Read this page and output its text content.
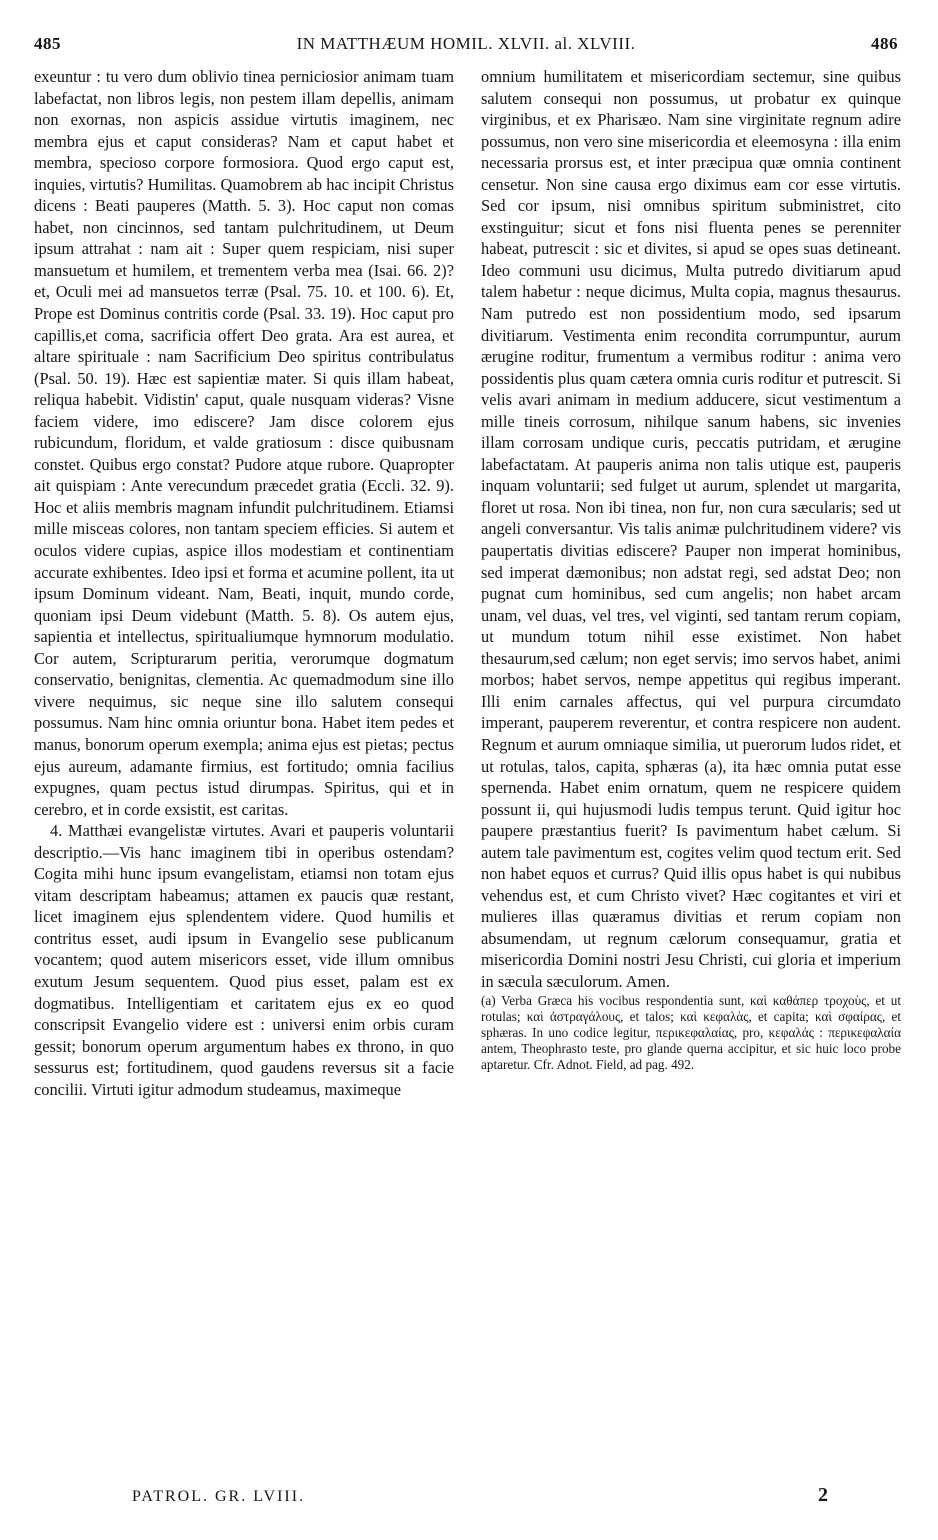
485	IN MATTHÆUM HOMIL. XLVII. al. XLVIII.	486

exeuntur : tu vero dum oblivio tinea perniciosior animam tuam labefactat, non libros legis, non pestem illam depellis, animam non exornas, non aspicis assidue virtutis imaginem, nec membra ejus et caput consideras? Nam et caput habet et membra, specioso corpore formosiora. Quod ergo caput est, inquies, virtutis? Humilitas. Quamobrem ab hac incipit Christus dicens : Beati pauperes (Matth. 5. 3). Hoc caput non comas habet, non cincinnos, sed tantam pulchritudinem, ut Deum ipsum attrahat : nam ait : Super quem respiciam, nisi super mansuetum et humilem, et trementem verba mea (Isai. 66. 2)? et, Oculi mei ad mansuetos terræ (Psal. 75. 10. et 100. 6). Et, Prope est Dominus contritis corde (Psal. 33. 19). Hoc caput pro capillis,et coma, sacrificia offert Deo grata. Ara est aurea, et altare spirituale : nam Sacrificium Deo spiritus contribulatus (Psal. 50. 19). Hæc est sapientiæ mater. Si quis illam habeat, reliqua habebit. Vidistin' caput, quale nusquam videras? Visne faciem videre, imo ediscere? Jam disce colorem ejus rubicundum, floridum, et valde gratiosum : disce quibusnam constet. Quibus ergo constat? Pudore atque rubore. Quapropter ait quispiam : Ante verecundum præcedet gratia (Eccli. 32. 9). Hoc et aliis membris magnam infundit pulchritudinem. Etiamsi mille misceas colores, non tantam speciem efficies. Si autem et oculos videre cupias, aspice illos modestiam et continentiam accurate exhibentes. Ideo ipsi et forma et acumine pollent, ita ut ipsum Dominum videant. Nam, Beati, inquit, mundo corde, quoniam ipsi Deum videbunt (Matth. 5. 8). Os autem ejus, sapientia et intellectus, spiritualiumque hymnorum modulatio. Cor autem, Scripturarum peritia, verorumque dogmatum conservatio, benignitas, clementia. Ac quemadmodum sine illo vivere nequimus, sic neque sine illo salutem consequi possumus. Nam hinc omnia oriuntur bona. Habet item pedes et manus, bonorum operum exempla; anima ejus est pietas; pectus ejus aureum, adamante firmius, est fortitudo; omnia facilius expugnes, quam pectus istud dirumpas. Spiritus, qui et in cerebro, et in corde exsistit, est caritas.

4. Matthæi evangelistæ virtutes. Avari et pauperis voluntarii descriptio.—Vis hanc imaginem tibi in operibus ostendam? Cogita mihi hunc ipsum evangelistam, etiamsi non totam ejus vitam descriptam habeamus; attamen ex paucis quæ restant, licet imaginem ejus splendentem videre. Quod humilis et contritus esset, audi ipsum in Evangelio sese publicanum vocantem; quod autem misericors esset, vide illum omnibus exutum Jesum sequentem. Quod pius esset, palam est ex dogmatibus. Intelligentiam et caritatem ejus ex eo quod conscripsit Evangelio videre est : universi enim orbis curam gessit; bonorum operum argumentum habes ex throno, in quo sessurus est; fortitudinem, quod gaudens reversus sit a facie concilii. Virtuti igitur admodum studeamus, maximeque

omnium humilitatem et misericordiam sectemur, sine quibus salutem consequi non possumus, ut probatur ex quinque virginibus, et ex Pharisæo. Nam sine virginitate regnum adire possumus, non vero sine misericordia et eleemosyna : illa enim necessaria prorsus est, et inter præcipua quæ omnia continent censetur. Non sine causa ergo diximus eam cor esse virtutis. Sed cor ipsum, nisi omnibus spiritum subministret, cito exstinguitur; sicut et fons nisi fluenta penes se perenniter habeat, putrescit : sic et divites, si apud se opes suas detineant. Ideo communi usu dicimus, Multa putredo divitiarum apud talem habetur : neque dicimus, Multa copia, magnus thesaurus. Nam putredo est non possidentium modo, sed ipsarum divitiarum. Vestimenta enim recondita corrumpuntur, aurum ærugine roditur, frumentum a vermibus roditur : anima vero possidentis plus quam cætera omnia curis roditur et putrescit. Si velis avari animam in medium adducere, sicut vestimentum a mille tineis corrosum, nihilque sanum habens, sic invenies illam corrosam undique curis, peccatis putridam, et ærugine labefactatam. At pauperis anima non talis utique est, pauperis inquam voluntarii; sed fulget ut aurum, splendet ut margarita, floret ut rosa. Non ibi tinea, non fur, non cura sæcularis; sed ut angeli conversantur. Vis talis animæ pulchritudinem videre? vis paupertatis divitias ediscere? Pauper non imperat hominibus, sed imperat dæmonibus; non adstat regi, sed adstat Deo; non pugnat cum hominibus, sed cum angelis; non habet arcam unam, vel duas, vel tres, vel viginti, sed tantam rerum copiam, ut mundum totum nihil esse existimet. Non habet thesaurum,sed cælum; non eget servis; imo servos habet, animi morbos; habet servos, nempe appetitus qui regibus imperant. Illi enim carnales affectus, qui vel purpura circumdato imperant, pauperem reverentur, et contra respicere non audent. Regnum et aurum omniaque similia, ut puerorum ludos ridet, et ut rotulas, talos, capita, sphæras (a), ita hæc omnia putat esse spernenda. Habet enim ornatum, quem ne respicere quidem possunt ii, qui hujusmodi ludis tempus terunt. Quid igitur hoc paupere præstantius fuerit? Is pavimentum habet cælum. Si autem tale pavimentum est, cogites velim quod tectum erit. Sed non habet equos et currus? Quid illis opus habet is qui nubibus vehendus est, et cum Christo vivet? Hæc cogitantes et viri et mulieres illas quæramus divitias et rerum copiam non absumendam, ut regnum cælorum consequamur, gratia et misericordia Domini nostri Jesu Christi, cui gloria et imperium in sæcula sæculorum. Amen.

(a) Verba Græca his vocibus respondentia sunt, καὶ καθάπερ τροχοὺς, et ut rotulas; καὶ ἀστραγάλους, et talos; καὶ κεφαλὰς, et capita; καὶ σφαίρας, et sphæras. In uno codice legitur, περικεφαλαίας, pro, κεφαλάς : περικεφαλαία antem, Theophrasto teste, pro glande quernа accipitur, et sic huic loco probe aptaretur. Cfr. Adnot. Field, ad pag. 492.

PATROL. GR. LVIII.	2
